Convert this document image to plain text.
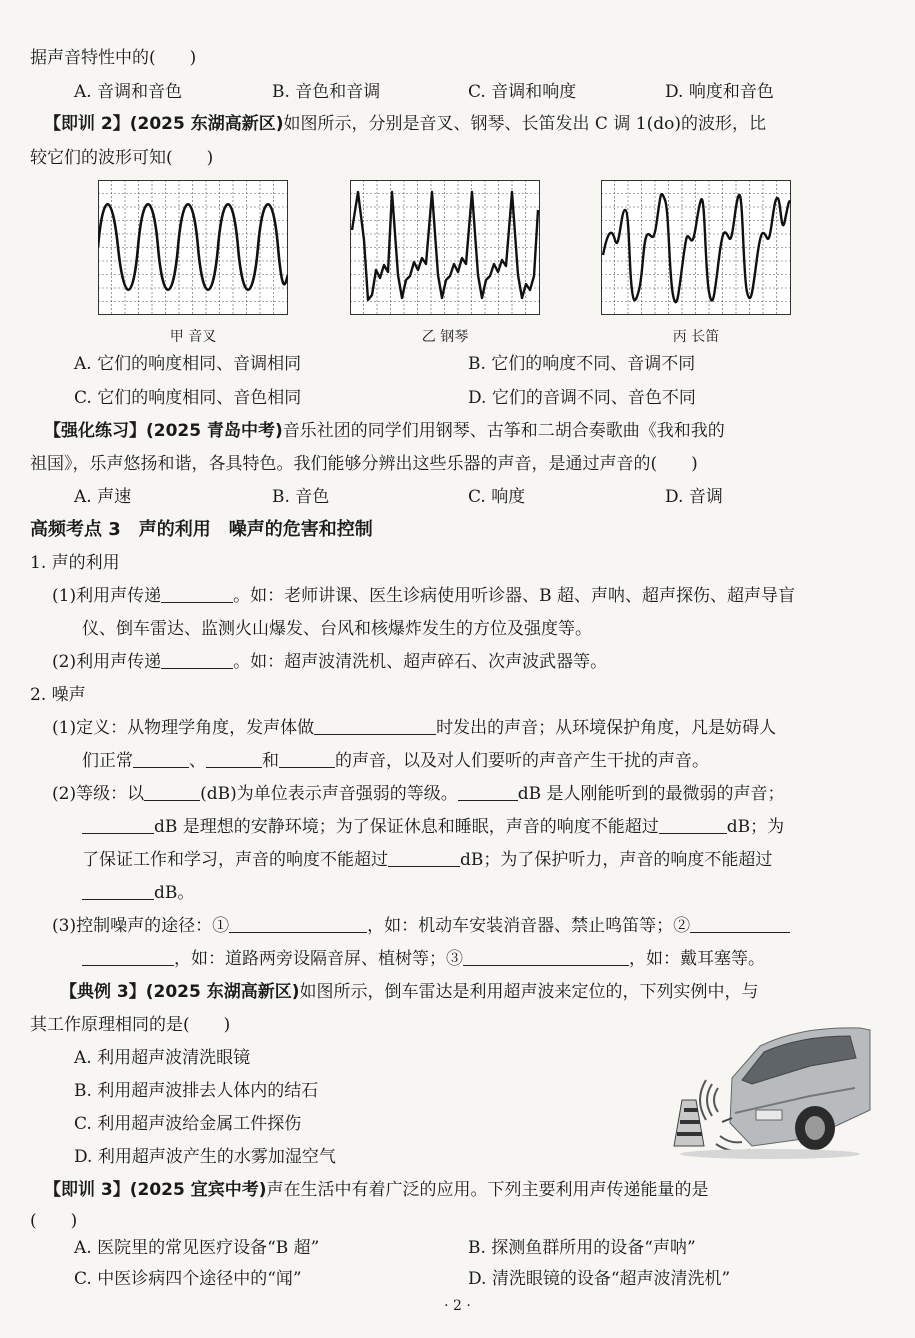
据声音特性中的(　　)
A. 音调和音色	B. 音色和音调	C. 音调和响度	D. 响度和音色
【即训 2】(2025 东湖高新区)如图所示，分别是音叉、钢琴、长笛发出 C 调 1(do)的波形，比
较它们的波形可知(　　)
甲 音叉	乙 钢琴	丙 长笛
A. 它们的响度相同、音调相同	B. 它们的响度不同、音调不同
C. 它们的响度相同、音色相同	D. 它们的音调不同、音色不同
【强化练习】(2025 青岛中考)音乐社团的同学们用钢琴、古筝和二胡合奏歌曲《我和我的
祖国》，乐声悠扬和谐，各具特色。我们能够分辨出这些乐器的声音，是通过声音的(　　)
A. 声速	B. 音色	C. 响度	D. 音调
高频考点 3　声的利用　噪声的危害和控制
1. 声的利用
(1)利用声传递	。如：老师讲课、医生诊病使用听诊器、B 超、声呐、超声探伤、超声导盲
仪、倒车雷达、监测火山爆发、台风和核爆炸发生的方位及强度等。
(2)利用声传递	。如：超声波清洗机、超声碎石、次声波武器等。
2. 噪声
(1)定义：从物理学角度，发声体做	时发出的声音；从环境保护角度，凡是妨碍人
们正常	、	和	的声音，以及对人们要听的声音产生干扰的声音。
(2)等级：以	(dB)为单位表示声音强弱的等级。	dB 是人刚能听到的最微弱的声音；
dB 是理想的安静环境；为了保证休息和睡眠，声音的响度不能超过	dB；为
了保证工作和学习，声音的响度不能超过	dB；为了保护听力，声音的响度不能超过
dB。
(3)控制噪声的途径：①	，如：机动车安装消音器、禁止鸣笛等；②
，如：道路两旁设隔音屏、植树等；③	，如：戴耳塞等。
【典例 3】(2025 东湖高新区)如图所示，倒车雷达是利用超声波来定位的，下列实例中，与
其工作原理相同的是(　　)
A. 利用超声波清洗眼镜
B. 利用超声波排去人体内的结石
C. 利用超声波给金属工件探伤
D. 利用超声波产生的水雾加湿空气
【即训 3】(2025 宜宾中考)声在生活中有着广泛的应用。下列主要利用声传递能量的是
(　　)
A. 医院里的常见医疗设备“B 超”	B. 探测鱼群所用的设备“声呐”
C. 中医诊病四个途径中的“闻”	D. 清洗眼镜的设备“超声波清洗机”
· 2 ·
